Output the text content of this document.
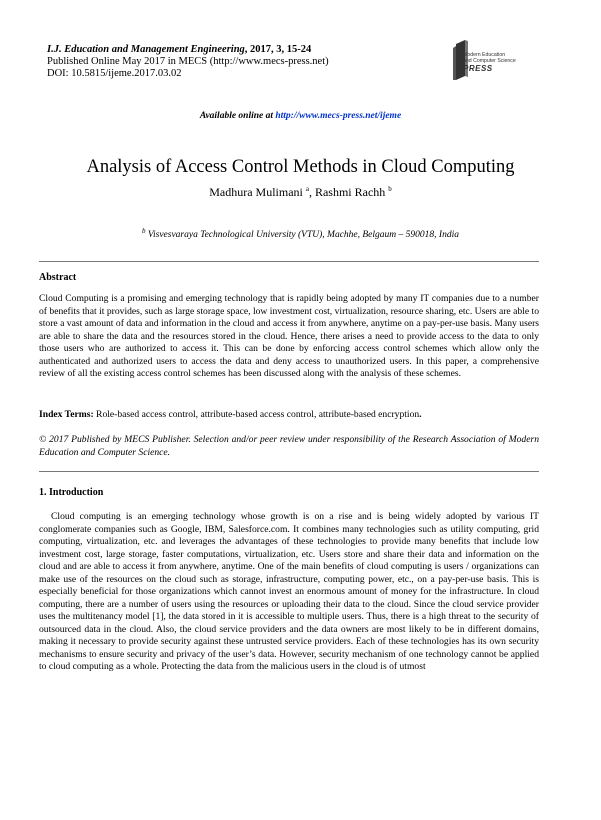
I.J. Education and Management Engineering, 2017, 3, 15-24
Published Online May 2017 in MECS (http://www.mecs-press.net)
DOI: 10.5815/ijeme.2017.03.02
Modern Education
and Computer Science
PRESS
Available online at http://www.mecs-press.net/ijeme
Analysis of Access Control Methods in Cloud Computing
Madhura Mulimani $^a$, Rashmi Rachh $^b$
$^b$ Visvesvaraya Technological University (VTU), Machhe, Belgaum – 590018, India
Abstract
Cloud Computing is a promising and emerging technology that is rapidly being adopted by many IT companies due to a number of benefits that it provides, such as large storage space, low investment cost, virtualization, resource sharing, etc. Users are able to store a vast amount of data and information in the cloud and access it from anywhere, anytime on a pay-per-use basis. Many users are able to share the data and the resources stored in the cloud. Hence, there arises a need to provide access to the data to only those users who are authorized to access it. This can be done by enforcing access control schemes which allow only the authenticated and authorized users to access the data and deny access to unauthorized users. In this paper, a comprehensive review of all the existing access control schemes has been discussed along with the analysis of these schemes.
Index Terms: Role-based access control, attribute-based access control, attribute-based encryption.
© 2017 Published by MECS Publisher. Selection and/or peer review under responsibility of the Research Association of Modern Education and Computer Science.
1. Introduction
Cloud computing is an emerging technology whose growth is on a rise and is being widely adopted by various IT conglomerate companies such as Google, IBM, Salesforce.com. It combines many technologies such as utility computing, grid computing, virtualization, etc. and leverages the advantages of these technologies to provide many benefits that include low investment cost, large storage, faster computations, virtualization, etc. Users store and share their data and information on the cloud and are able to access it from anywhere, anytime. One of the main benefits of cloud computing is users / organizations can make use of the resources on the cloud such as storage, infrastructure, computing power, etc., on a pay-per-use basis. This is especially beneficial for those organizations which cannot invest an enormous amount of money for the infrastructure. In cloud computing, there are a number of users using the resources or uploading their data to the cloud. Since the cloud service provider uses the multitenancy model [1], the data stored in it is accessible to multiple users. Thus, there is a high threat to the security of outsourced data in the cloud. Also, the cloud service providers and the data owners are most likely to be in different domains, making it necessary to provide security against these untrusted service providers. Each of these technologies has its own security mechanisms to ensure security and privacy of the user’s data. However, security mechanism of one technology cannot be applied to cloud computing as a whole. Protecting the data from the malicious users in the cloud is of utmost
